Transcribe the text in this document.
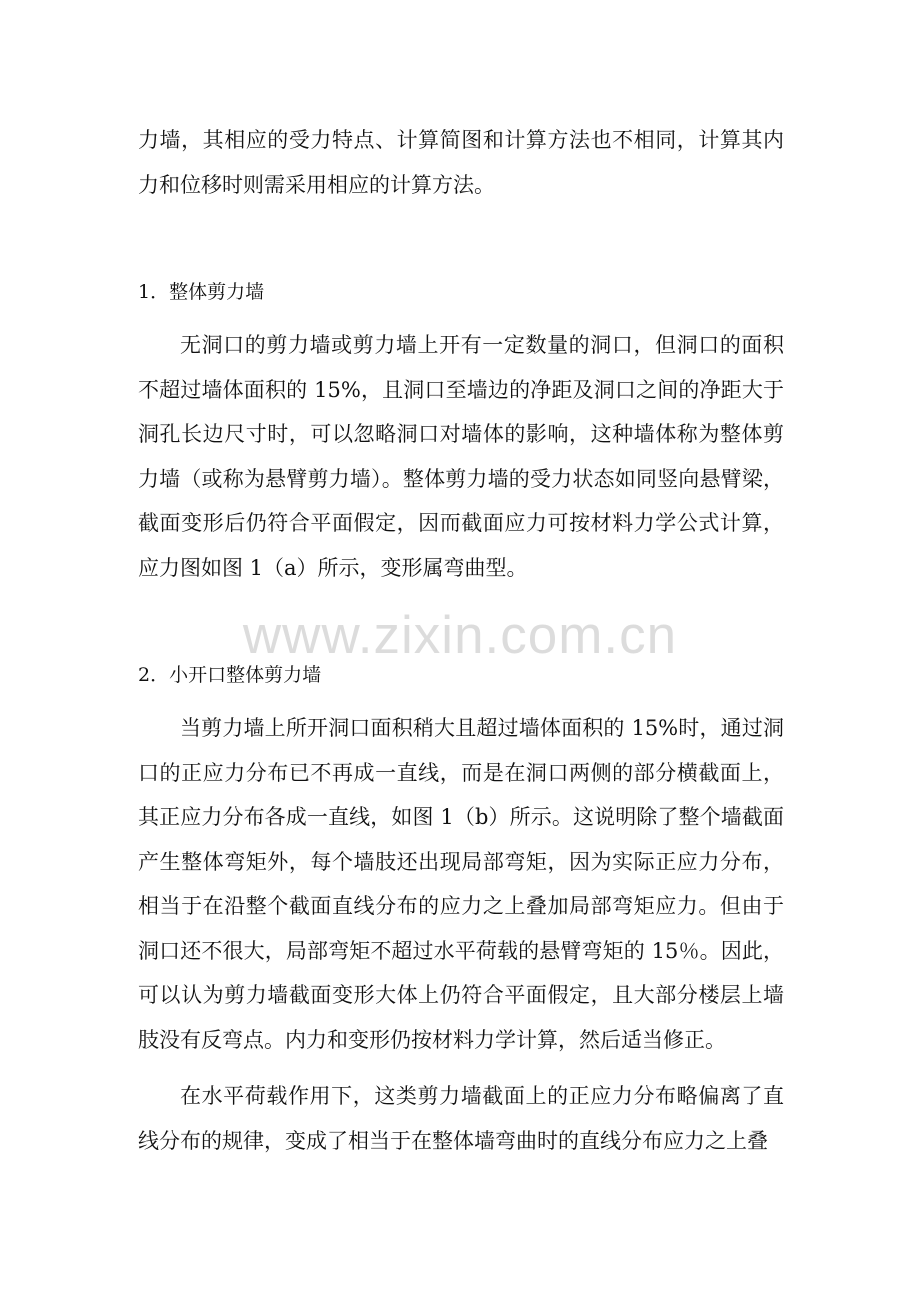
力墙，其相应的受力特点、计算简图和计算方法也不相同，计算其内力和位移时则需采用相应的计算方法。

1．整体剪力墙

无洞口的剪力墙或剪力墙上开有一定数量的洞口，但洞口的面积不超过墙体面积的 15%，且洞口至墙边的净距及洞口之间的净距大于洞孔长边尺寸时，可以忽略洞口对墙体的影响，这种墙体称为整体剪力墙（或称为悬臂剪力墙）。整体剪力墙的受力状态如同竖向悬臂梁，截面变形后仍符合平面假定，因而截面应力可按材料力学公式计算，应力图如图 1（a）所示，变形属弯曲型。

2．小开口整体剪力墙

当剪力墙上所开洞口面积稍大且超过墙体面积的 15%时，通过洞口的正应力分布已不再成一直线，而是在洞口两侧的部分横截面上，其正应力分布各成一直线，如图 1（b）所示。这说明除了整个墙截面产生整体弯矩外，每个墙肢还出现局部弯矩，因为实际正应力分布，相当于在沿整个截面直线分布的应力之上叠加局部弯矩应力。但由于洞口还不很大，局部弯矩不超过水平荷载的悬臂弯矩的 15％。因此，可以认为剪力墙截面变形大体上仍符合平面假定，且大部分楼层上墙肢没有反弯点。内力和变形仍按材料力学计算，然后适当修正。

在水平荷载作用下，这类剪力墙截面上的正应力分布略偏离了直线分布的规律，变成了相当于在整体墙弯曲时的直线分布应力之上叠

www.zixin.com.cn
